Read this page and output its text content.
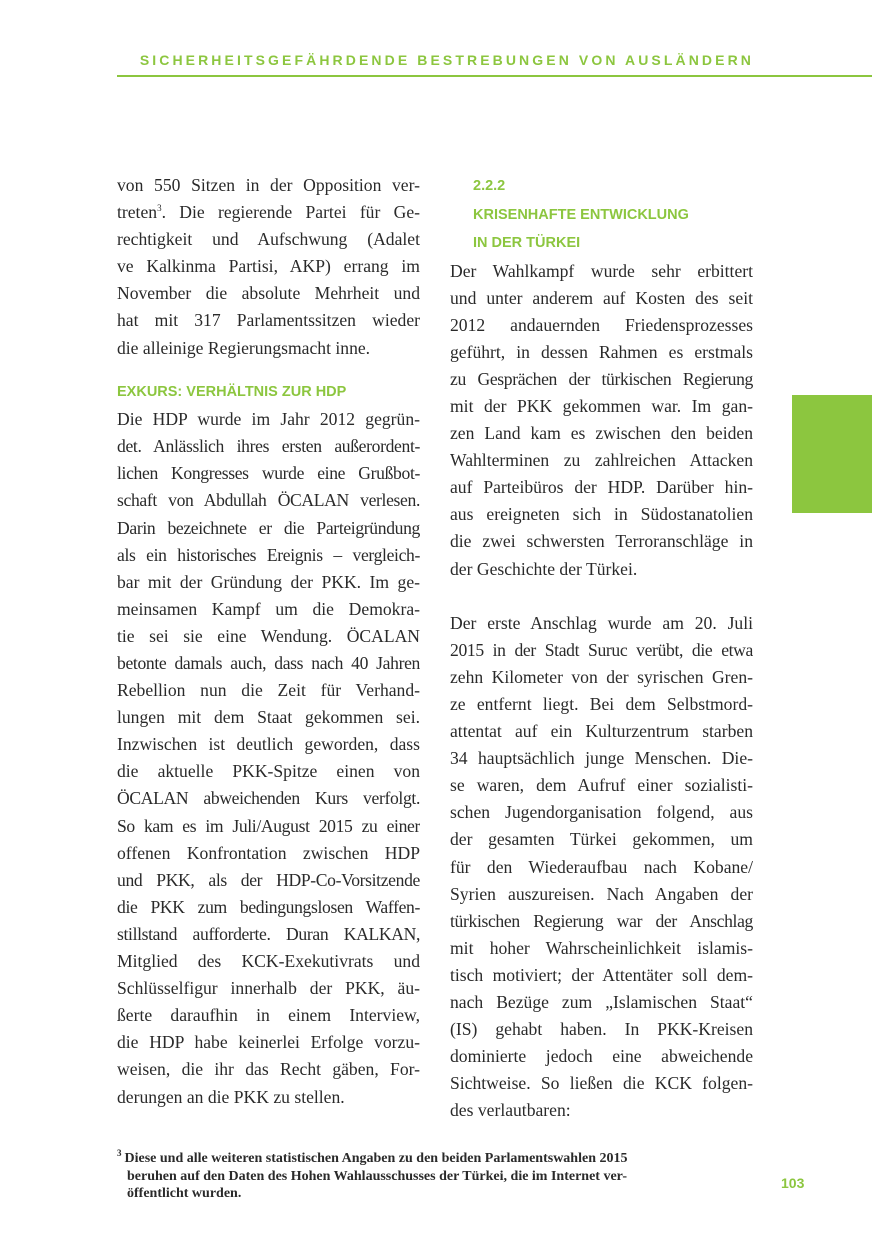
SICHERHEITSGEFÄHRDENDE BESTREBUNGEN VON AUSLÄNDERN
von 550 Sitzen in der Opposition ver-
treten$^3$. Die regierende Partei für Ge-
rechtigkeit und Aufschwung (Adalet
ve Kalkinma Partisi, AKP) errang im
November die absolute Mehrheit und
hat mit 317 Parlamentssitzen wieder
die alleinige Regierungsmacht inne.
EXKURS: VERHÄLTNIS ZUR HDP
Die HDP wurde im Jahr 2012 gegrün-
det. Anlässlich ihres ersten außerordent-
lichen Kongresses wurde eine Grußbot-
schaft von Abdullah ÖCALAN verlesen.
Darin bezeichnete er die Parteigründung
als ein historisches Ereignis – vergleich-
bar mit der Gründung der PKK. Im ge-
meinsamen Kampf um die Demokra-
tie sei sie eine Wendung. ÖCALAN
betonte damals auch, dass nach 40 Jahren
Rebellion nun die Zeit für Verhand-
lungen mit dem Staat gekommen sei.
Inzwischen ist deutlich geworden, dass
die aktuelle PKK-Spitze einen von
ÖCALAN abweichenden Kurs verfolgt.
So kam es im Juli/August 2015 zu einer
offenen Konfrontation zwischen HDP
und PKK, als der HDP-Co-Vorsitzende
die PKK zum bedingungslosen Waffen-
stillstand aufforderte. Duran KALKAN,
Mitglied des KCK-Exekutivrats und
Schlüsselfigur innerhalb der PKK, äu-
ßerte daraufhin in einem Interview,
die HDP habe keinerlei Erfolge vorzu-
weisen, die ihr das Recht gäben, For-
derungen an die PKK zu stellen.
2.2.2
KRISENHAFTE ENTWICKLUNG
IN DER TÜRKEI
Der Wahlkampf wurde sehr erbittert
und unter anderem auf Kosten des seit
2012 andauernden Friedensprozesses
geführt, in dessen Rahmen es erstmals
zu Gesprächen der türkischen Regierung
mit der PKK gekommen war. Im gan-
zen Land kam es zwischen den beiden
Wahlterminen zu zahlreichen Attacken
auf Parteibüros der HDP. Darüber hin-
aus ereigneten sich in Südostanatolien
die zwei schwersten Terroranschläge in
der Geschichte der Türkei.
Der erste Anschlag wurde am 20. Juli
2015 in der Stadt Suruc verübt, die etwa
zehn Kilometer von der syrischen Gren-
ze entfernt liegt. Bei dem Selbstmord-
attentat auf ein Kulturzentrum starben
34 hauptsächlich junge Menschen. Die-
se waren, dem Aufruf einer sozialisti-
schen Jugendorganisation folgend, aus
der gesamten Türkei gekommen, um
für den Wiederaufbau nach Kobane/
Syrien auszureisen. Nach Angaben der
türkischen Regierung war der Anschlag
mit hoher Wahrscheinlichkeit islamis-
tisch motiviert; der Attentäter soll dem-
nach Bezüge zum „Islamischen Staat“
(IS) gehabt haben. In PKK-Kreisen
dominierte jedoch eine abweichende
Sichtweise. So ließen die KCK folgen-
des verlautbaren:
$^3$ Diese und alle weiteren statistischen Angaben zu den beiden Parlamentswahlen 2015
beruhen auf den Daten des Hohen Wahlausschusses der Türkei, die im Internet ver-
öffentlicht wurden.
103
